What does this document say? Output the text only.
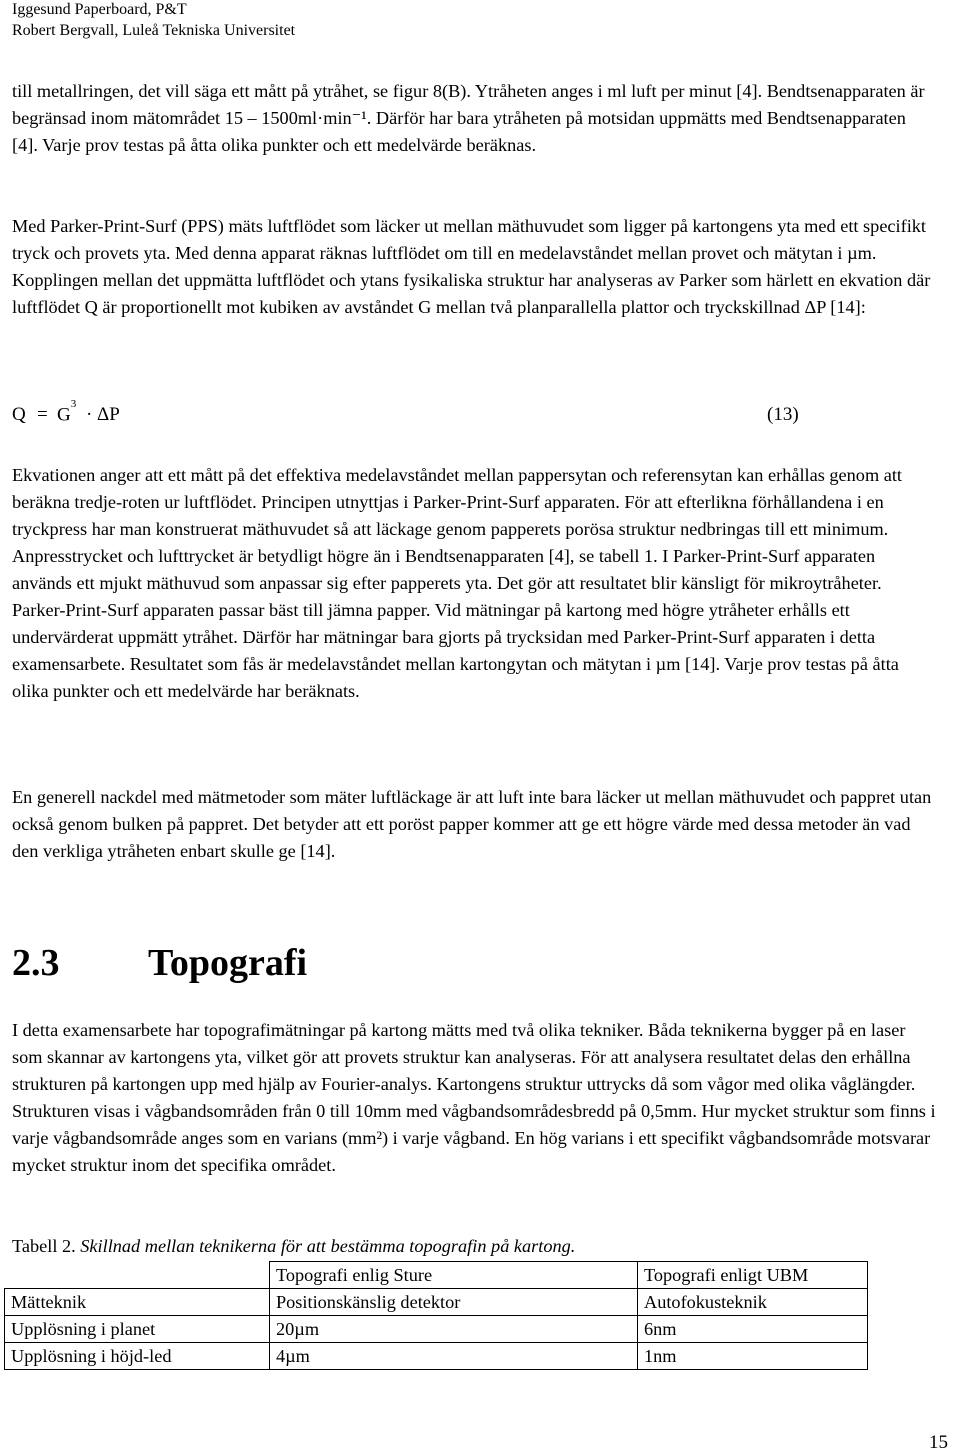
Iggesund Paperboard, P&T
Robert Bergvall, Luleå Tekniska Universitet

till metallringen, det vill säga ett mått på ytråhet, se figur 8(B). Ytråheten anges i ml luft per minut [4]. Bendtsenapparaten är begränsad inom mätområdet 15 – 1500ml·min⁻¹. Därför har bara ytråheten på motsidan uppmätts med Bendtsenapparaten [4]. Varje prov testas på åtta olika punkter och ett medelvärde beräknas.

Med Parker-Print-Surf (PPS) mäts luftflödet som läcker ut mellan mäthuvudet som ligger på kartongens yta med ett specifikt tryck och provets yta. Med denna apparat räknas luftflödet om till en medelavståndet mellan provet och mätytan i µm. Kopplingen mellan det uppmätta luftflödet och ytans fysikaliska struktur har analyseras av Parker som härlett en ekvation där luftflödet Q är proportionellt mot kubiken av avståndet G mellan två planparallella plattor och tryckskillnad ΔP [14]:

$Q = G^3 \cdot \Delta P$	(13)

Ekvationen anger att ett mått på det effektiva medelavståndet mellan pappersytan och referensytan kan erhållas genom att beräkna tredje-roten ur luftflödet. Principen utnyttjas i Parker-Print-Surf apparaten. För att efterlikna förhållandena i en tryckpress har man konstruerat mäthuvudet så att läckage genom papperets porösa struktur nedbringas till ett minimum. Anpresstrycket och lufttrycket är betydligt högre än i Bendtsenapparaten [4], se tabell 1. I Parker-Print-Surf apparaten används ett mjukt mäthuvud som anpassar sig efter papperets yta. Det gör att resultatet blir känsligt för mikroytråheter. Parker-Print-Surf apparaten passar bäst till jämna papper. Vid mätningar på kartong med högre ytråheter erhålls ett undervärderat uppmätt ytråhet. Därför har mätningar bara gjorts på trycksidan med Parker-Print-Surf apparaten i detta examensarbete. Resultatet som fås är medelavståndet mellan kartongytan och mätytan i µm [14]. Varje prov testas på åtta olika punkter och ett medelvärde har beräknats.

En generell nackdel med mätmetoder som mäter luftläckage är att luft inte bara läcker ut mellan mäthuvudet och pappret utan också genom bulken på pappret. Det betyder att ett poröst papper kommer att ge ett högre värde med dessa metoder än vad den verkliga ytråheten enbart skulle ge [14].

2.3 Topografi

I detta examensarbete har topografimätningar på kartong mätts med två olika tekniker. Båda teknikerna bygger på en laser som skannar av kartongens yta, vilket gör att provets struktur kan analyseras. För att analysera resultatet delas den erhållna strukturen på kartongen upp med hjälp av Fourier-analys. Kartongens struktur uttrycks då som vågor med olika våglängder. Strukturen visas i vågbandsområden från 0 till 10mm med vågbandsområdesbredd på 0,5mm. Hur mycket struktur som finns i varje vågbandsområde anges som en varians (mm²) i varje vågband. En hög varians i ett specifikt vågbandsområde motsvarar mycket struktur inom det specifika området.

Tabell 2. Skillnad mellan teknikerna för att bestämma topografin på kartong.

	Topografi enlig Sture	Topografi enligt UBM
Mätteknik	Positionskänslig detektor	Autofokusteknik
Upplösning i planet	20µm	6nm
Upplösning i höjd-led	4µm	1nm
15
